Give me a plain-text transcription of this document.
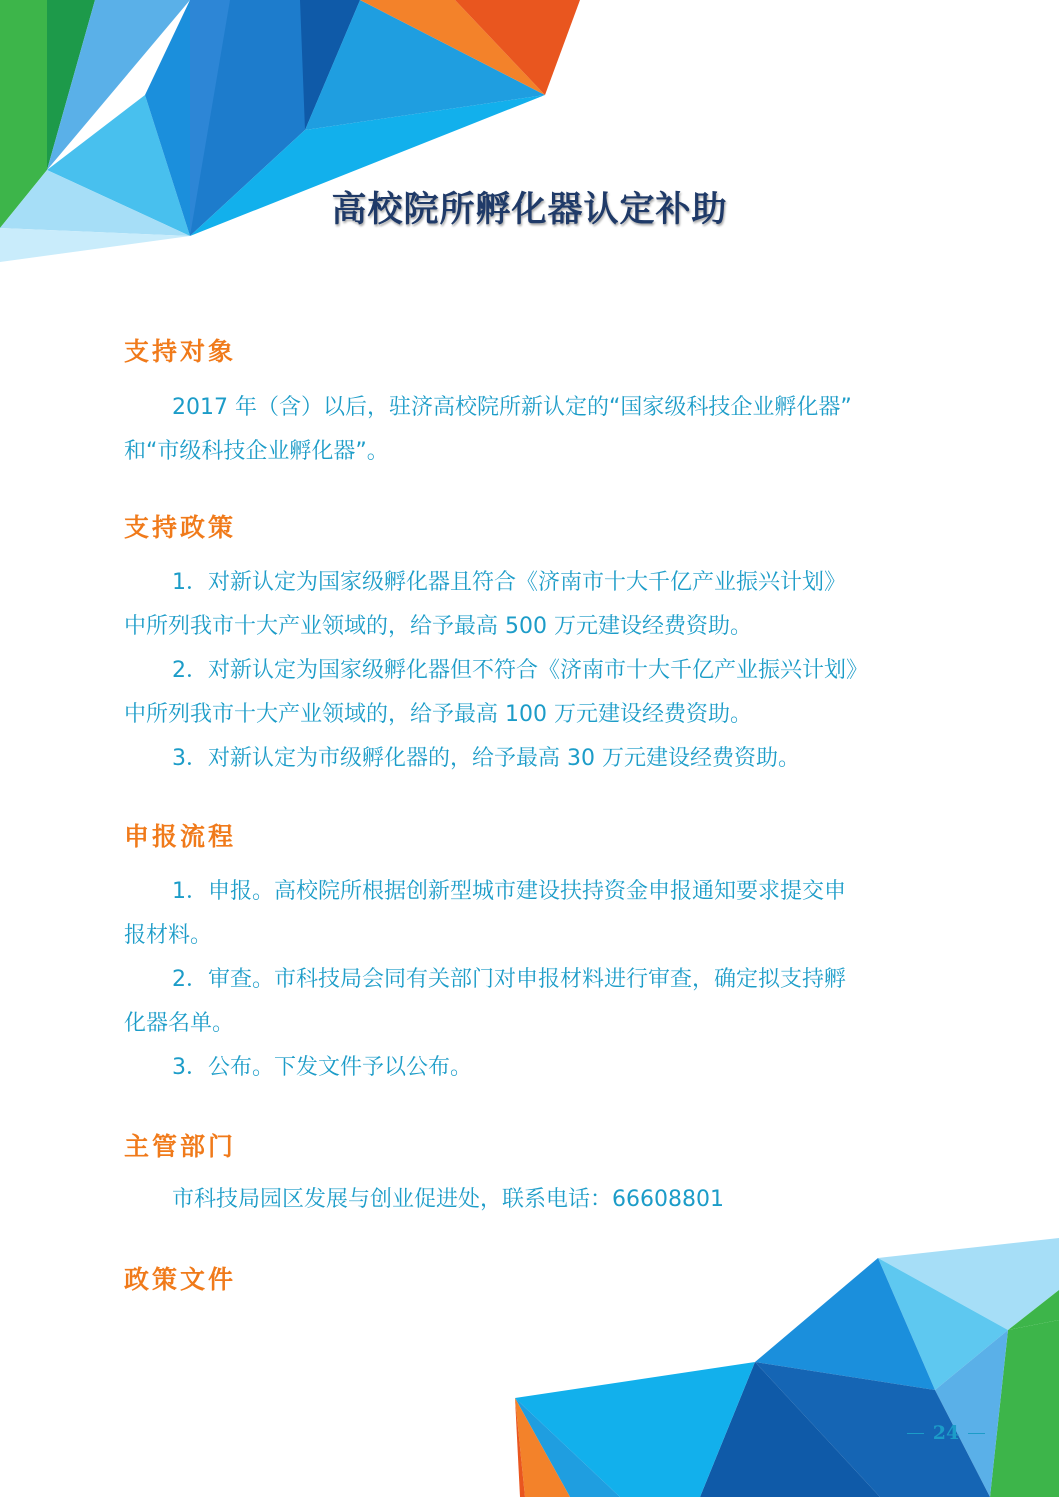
高校院所孵化器认定补助
支持对象
2017 年（含）以后，驻济高校院所新认定的“国家级科技企业孵化器”
和“市级科技企业孵化器”。
支持政策
1．对新认定为国家级孵化器且符合《济南市十大千亿产业振兴计划》
中所列我市十大产业领域的，给予最高 500 万元建设经费资助。
2．对新认定为国家级孵化器但不符合《济南市十大千亿产业振兴计划》
中所列我市十大产业领域的，给予最高 100 万元建设经费资助。
3．对新认定为市级孵化器的，给予最高 30 万元建设经费资助。
申报流程
1．申报。高校院所根据创新型城市建设扶持资金申报通知要求提交申
报材料。
2．审查。市科技局会同有关部门对申报材料进行审查，确定拟支持孵
化器名单。
3．公布。下发文件予以公布。
主管部门
市科技局园区发展与创业促进处，联系电话：66608801
政策文件
24
